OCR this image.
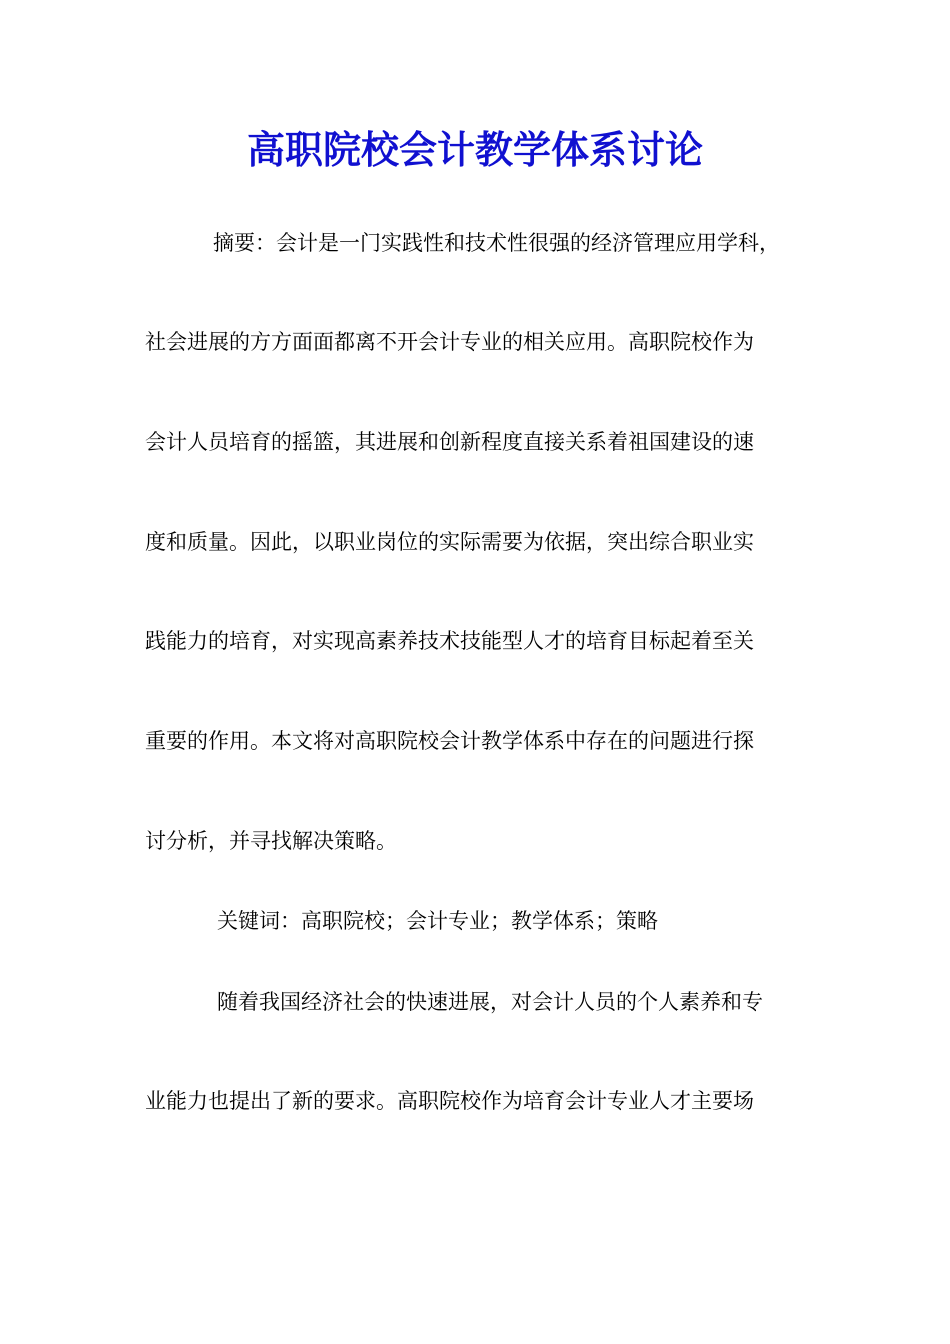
高职院校会计教学体系讨论

摘要：会计是一门实践性和技术性很强的经济管理应用学科，

社会进展的方方面面都离不开会计专业的相关应用。高职院校作为

会计人员培育的摇篮，其进展和创新程度直接关系着祖国建设的速

度和质量。因此，以职业岗位的实际需要为依据，突出综合职业实

践能力的培育，对实现高素养技术技能型人才的培育目标起着至关

重要的作用。本文将对高职院校会计教学体系中存在的问题进行探

讨分析，并寻找解决策略。

关键词：高职院校；会计专业；教学体系；策略

随着我国经济社会的快速进展，对会计人员的个人素养和专

业能力也提出了新的要求。高职院校作为培育会计专业人才主要场
